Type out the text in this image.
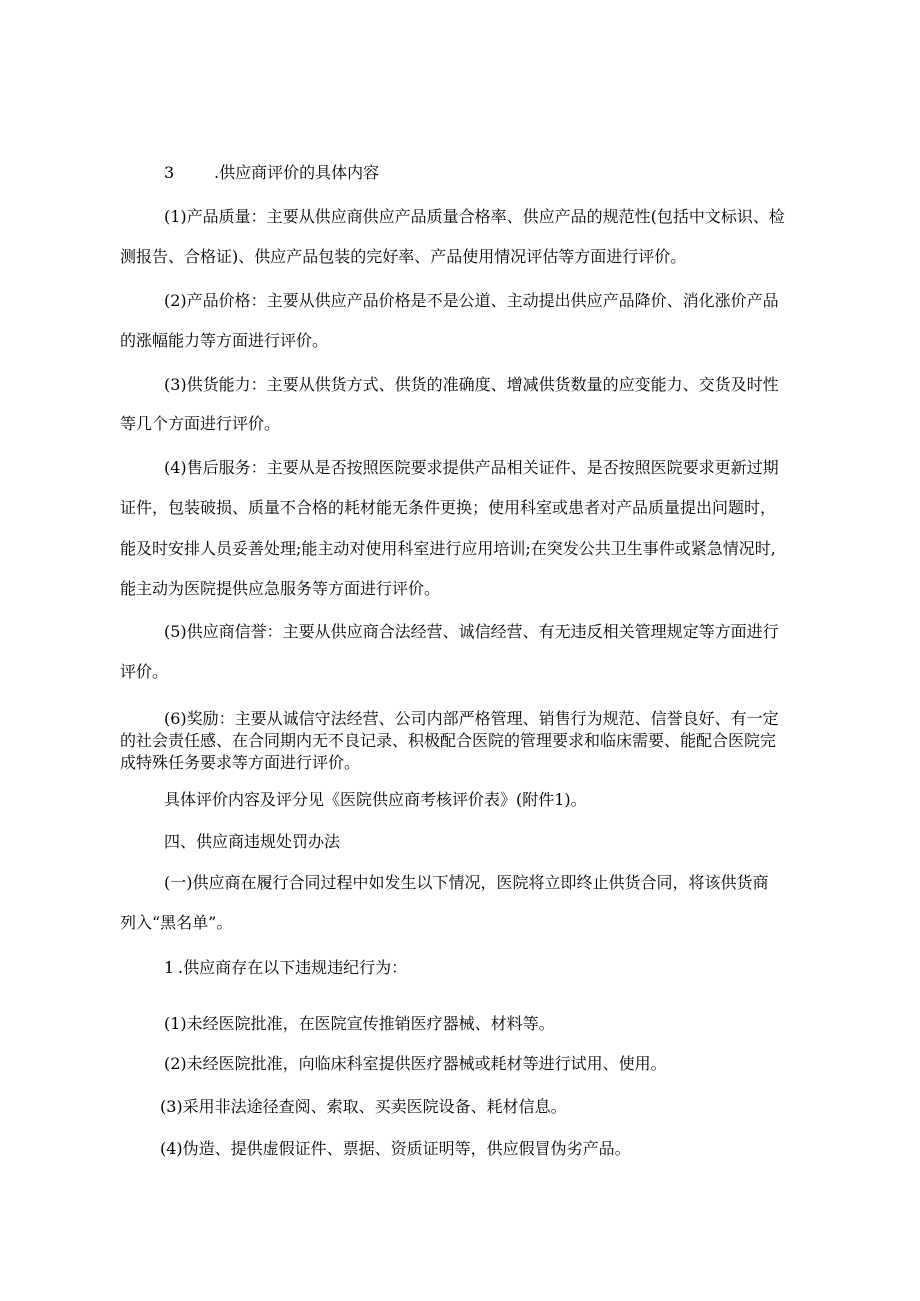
3 .供应商评价的具体内容
(1)产品质量：主要从供应商供应产品质量合格率、供应产品的规范性(包括中文标识、检
测报告、合格证)、供应产品包装的完好率、产品使用情况评估等方面进行评价。
(2)产品价格：主要从供应产品价格是不是公道、主动提出供应产品降价、消化涨价产品
的涨幅能力等方面进行评价。
(3)供货能力：主要从供货方式、供货的准确度、增减供货数量的应变能力、交货及时性
等几个方面进行评价。
(4)售后服务：主要从是否按照医院要求提供产品相关证件、是否按照医院要求更新过期
证件，包装破损、质量不合格的耗材能无条件更换；使用科室或患者对产品质量提出问题时，
能及时安排人员妥善处理;能主动对使用科室进行应用培训;在突发公共卫生事件或紧急情况时,
能主动为医院提供应急服务等方面进行评价。
(5)供应商信誉：主要从供应商合法经营、诚信经营、有无违反相关管理规定等方面进行
评价。
(6)奖励：主要从诚信守法经营、公司内部严格管理、销售行为规范、信誉良好、有一定
的社会责任感、在合同期内无不良记录、积极配合医院的管理要求和临床需要、能配合医院完
成特殊任务要求等方面进行评价。
具体评价内容及评分见《医院供应商考核评价表》(附件1)。
四、供应商违规处罚办法
(一)供应商在履行合同过程中如发生以下情况，医院将立即终止供货合同，将该供货商
列入“黑名单”。
1 .供应商存在以下违规违纪行为：
(1)未经医院批准，在医院宣传推销医疗器械、材料等。
(2)未经医院批准，向临床科室提供医疗器械或耗材等进行试用、使用。
(3)采用非法途径查阅、索取、买卖医院设备、耗材信息。
(4)伪造、提供虚假证件、票据、资质证明等，供应假冒伪劣产品。
